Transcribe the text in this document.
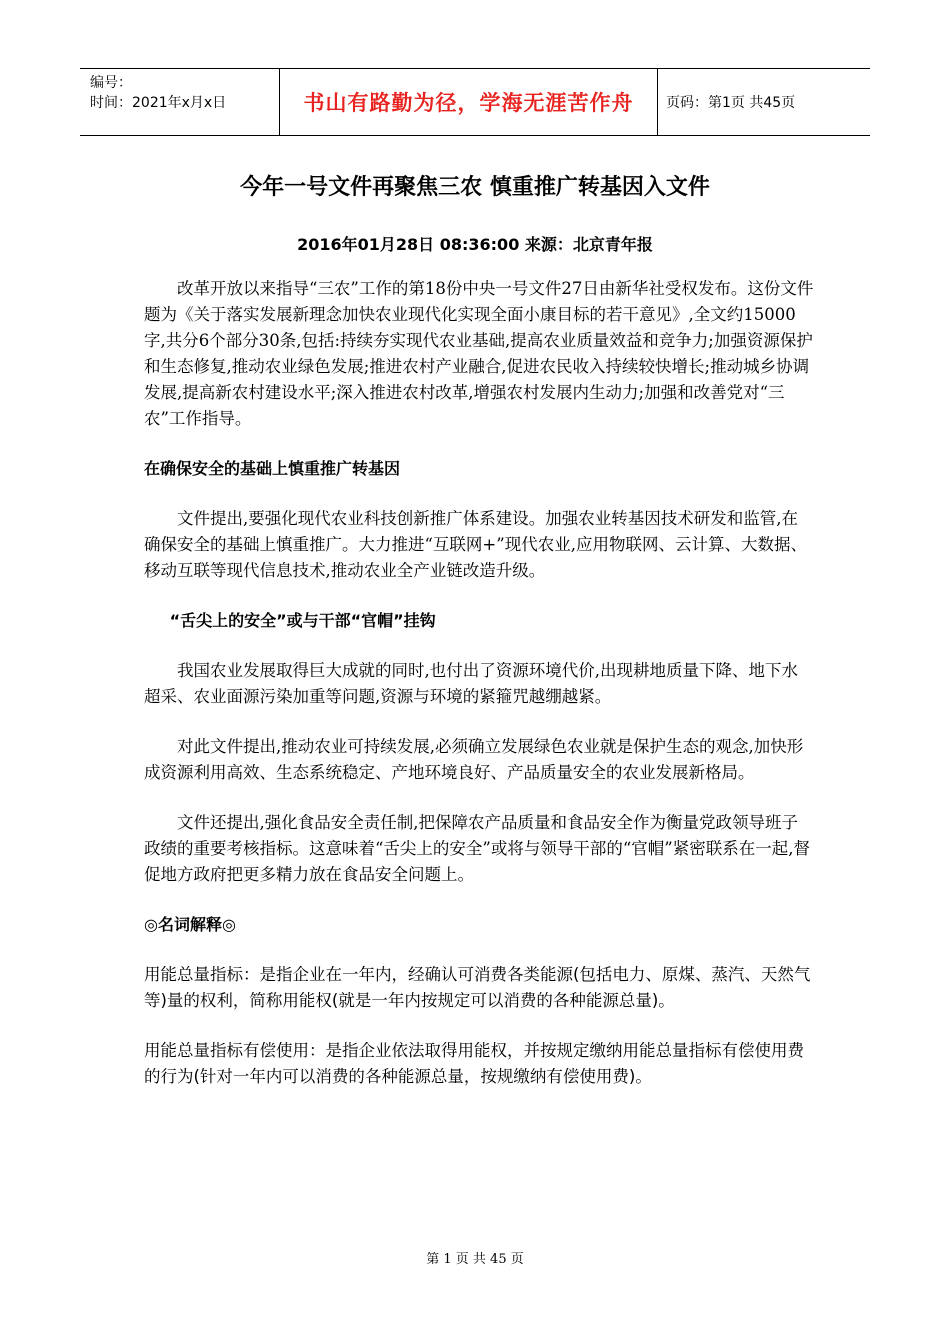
编号：
时间：2021年x月x日	书山有路勤为径，学海无涯苦作舟 页码：第1页 共45页
今年一号文件再聚焦三农 慎重推广转基因入文件
2016年01月28日 08:36:00 来源：北京青年报

改革开放以来指导“三农”工作的第18份中央一号文件27日由新华社受权发布。这份文件题为《关于落实发展新理念加快农业现代化实现全面小康目标的若干意见》,全文约15000字,共分6个部分30条,包括:持续夯实现代农业基础,提高农业质量效益和竞争力;加强资源保护和生态修复,推动农业绿色发展;推进农村产业融合,促进农民收入持续较快增长;推动城乡协调发展,提高新农村建设水平;深入推进农村改革,增强农村发展内生动力;加强和改善党对“三农”工作指导。

在确保安全的基础上慎重推广转基因

文件提出,要强化现代农业科技创新推广体系建设。加强农业转基因技术研发和监管,在确保安全的基础上慎重推广。大力推进“互联网+”现代农业,应用物联网、云计算、大数据、移动互联等现代信息技术,推动农业全产业链改造升级。

“舌尖上的安全”或与干部“官帽”挂钩

我国农业发展取得巨大成就的同时,也付出了资源环境代价,出现耕地质量下降、地下水超采、农业面源污染加重等问题,资源与环境的紧箍咒越绷越紧。

对此文件提出,推动农业可持续发展,必须确立发展绿色农业就是保护生态的观念,加快形成资源利用高效、生态系统稳定、产地环境良好、产品质量安全的农业发展新格局。

文件还提出,强化食品安全责任制,把保障农产品质量和食品安全作为衡量党政领导班子政绩的重要考核指标。这意味着“舌尖上的安全”或将与领导干部的“官帽”紧密联系在一起,督促地方政府把更多精力放在食品安全问题上。

◎名词解释◎

用能总量指标：是指企业在一年内，经确认可消费各类能源(包括电力、原煤、蒸汽、天然气等)量的权利，简称用能权(就是一年内按规定可以消费的各种能源总量)。

用能总量指标有偿使用：是指企业依法取得用能权，并按规定缴纳用能总量指标有偿使用费的行为(针对一年内可以消费的各种能源总量，按规缴纳有偿使用费)。

第 1 页 共 45 页
